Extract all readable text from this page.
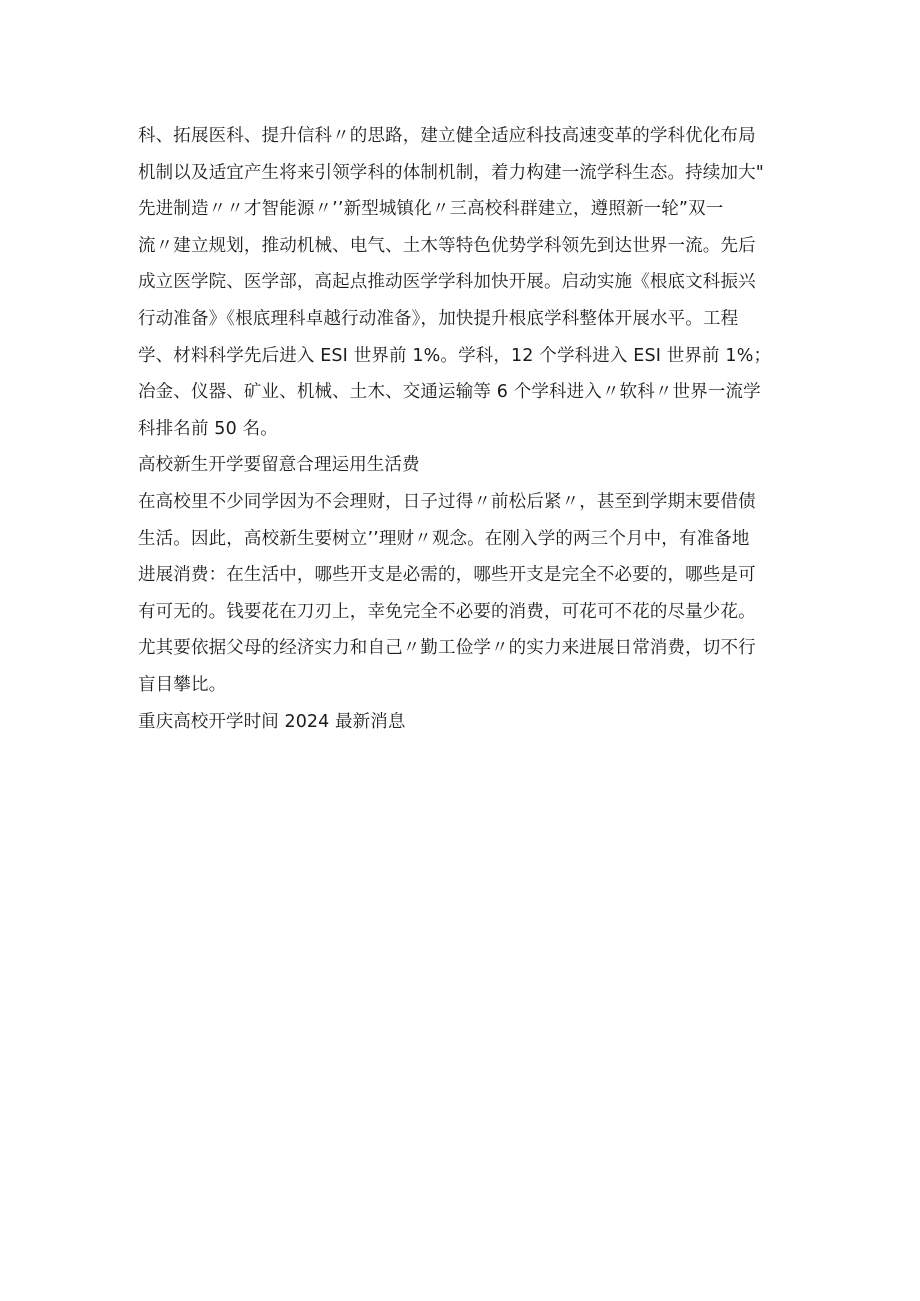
科、拓展医科、提升信科〃的思路，建立健全适应科技高速变革的学科优化布局
机制以及适宜产生将来引领学科的体制机制，着力构建一流学科生态。持续加大"
先进制造〃〃才智能源〃’’新型城镇化〃三高校科群建立，遵照新一轮”双一
流〃建立规划，推动机械、电气、土木等特色优势学科领先到达世界一流。先后
成立医学院、医学部，高起点推动医学学科加快开展。启动实施《根底文科振兴
行动准备》《根底理科卓越行动准备》，加快提升根底学科整体开展水平。工程
学、材料科学先后进入 ESI 世界前 1%。学科，12 个学科进入 ESI 世界前 1%；
冶金、仪器、矿业、机械、土木、交通运输等 6 个学科进入〃软科〃世界一流学
科排名前 50 名。
高校新生开学要留意合理运用生活费
在高校里不少同学因为不会理财，日子过得〃前松后紧〃，甚至到学期末要借债
生活。因此，高校新生要树立’’理财〃观念。在刚入学的两三个月中，有准备地
进展消费：在生活中，哪些开支是必需的，哪些开支是完全不必要的，哪些是可
有可无的。钱要花在刀刃上，幸免完全不必要的消费，可花可不花的尽量少花。
尤其要依据父母的经济实力和自己〃勤工俭学〃的实力来进展日常消费，切不行
盲目攀比。
重庆高校开学时间 2024 最新消息
